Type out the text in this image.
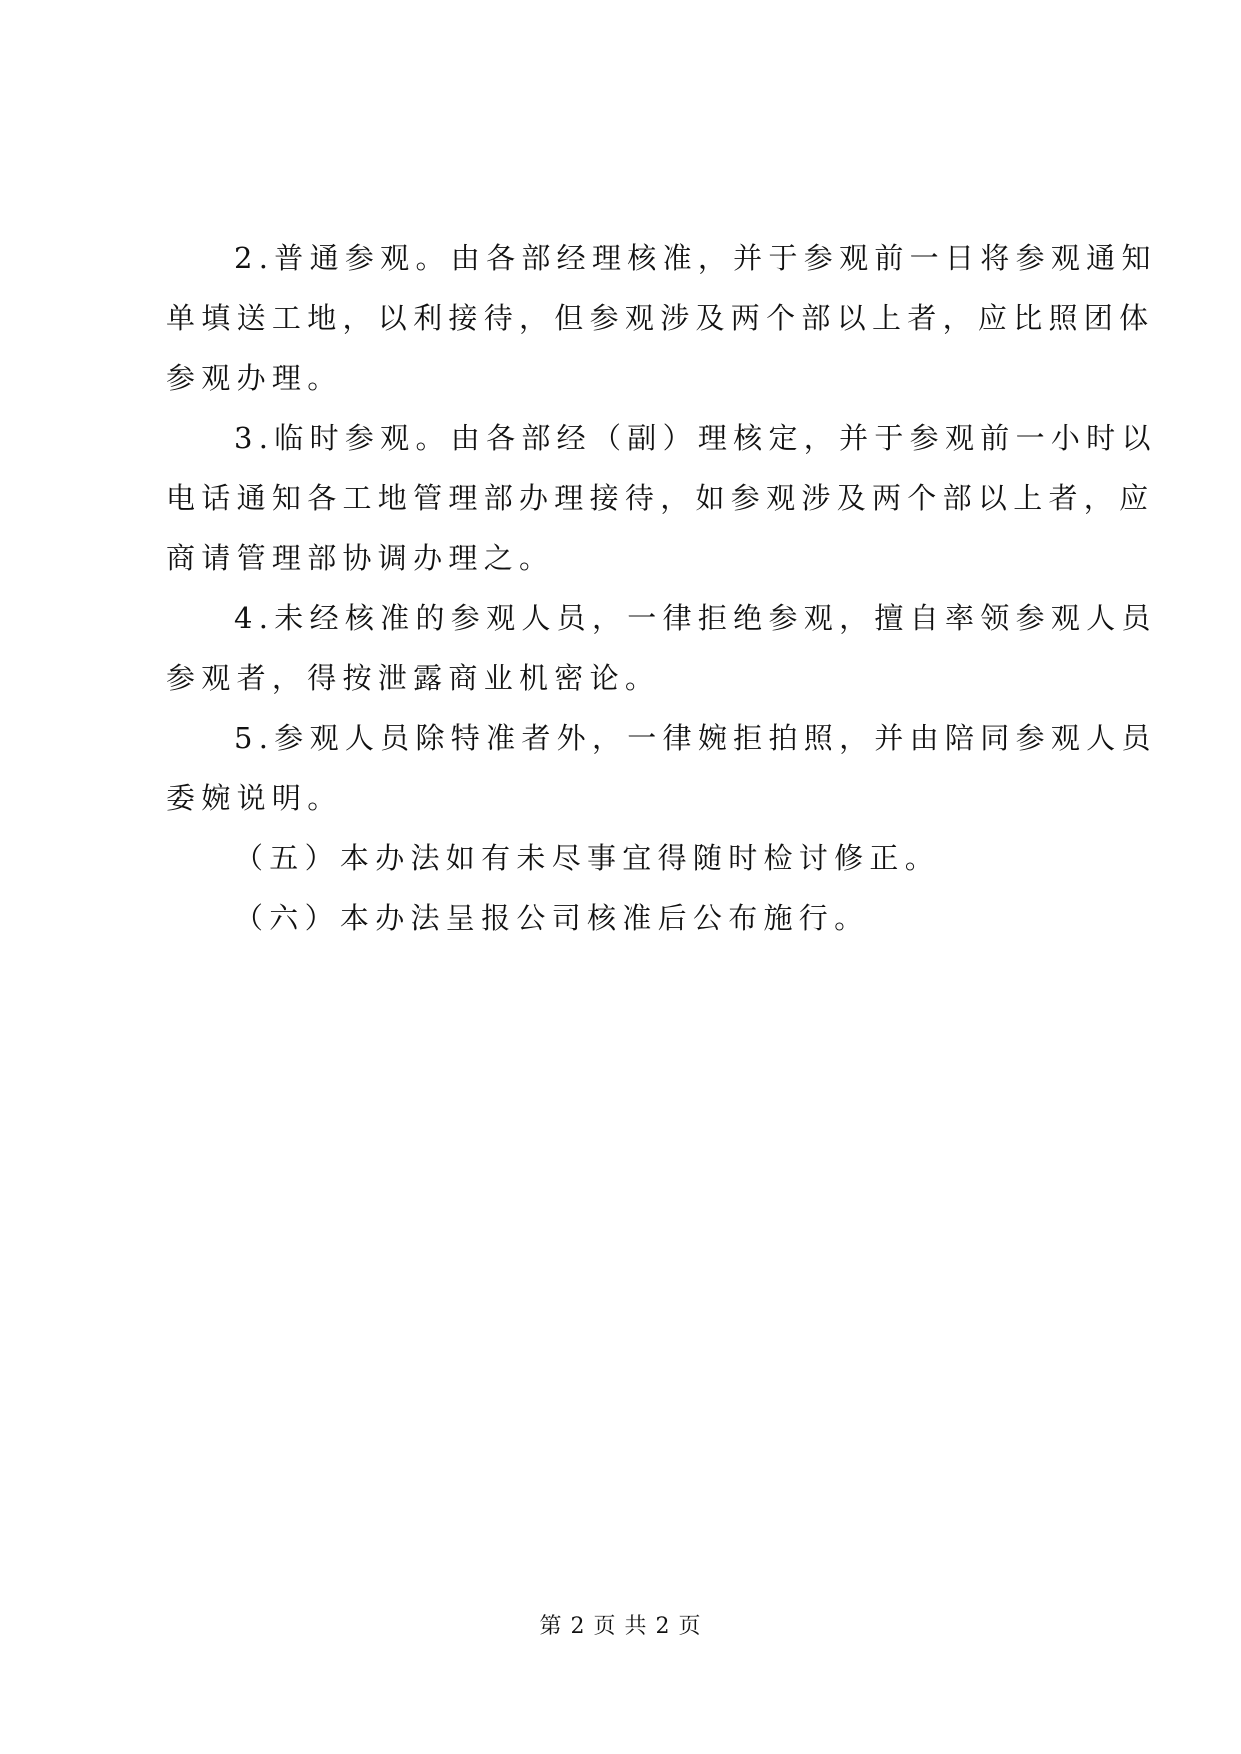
2.普通参观。由各部经理核准，并于参观前一日将参观通知
单填送工地，以利接待，但参观涉及两个部以上者，应比照团体
参观办理。
3.临时参观。由各部经（副）理核定，并于参观前一小时以
电话通知各工地管理部办理接待，如参观涉及两个部以上者，应
商请管理部协调办理之。
4.未经核准的参观人员，一律拒绝参观，擅自率领参观人员
参观者，得按泄露商业机密论。
5.参观人员除特准者外，一律婉拒拍照，并由陪同参观人员
委婉说明。
（五）本办法如有未尽事宜得随时检讨修正。
（六）本办法呈报公司核准后公布施行。
第 2 页 共 2 页
